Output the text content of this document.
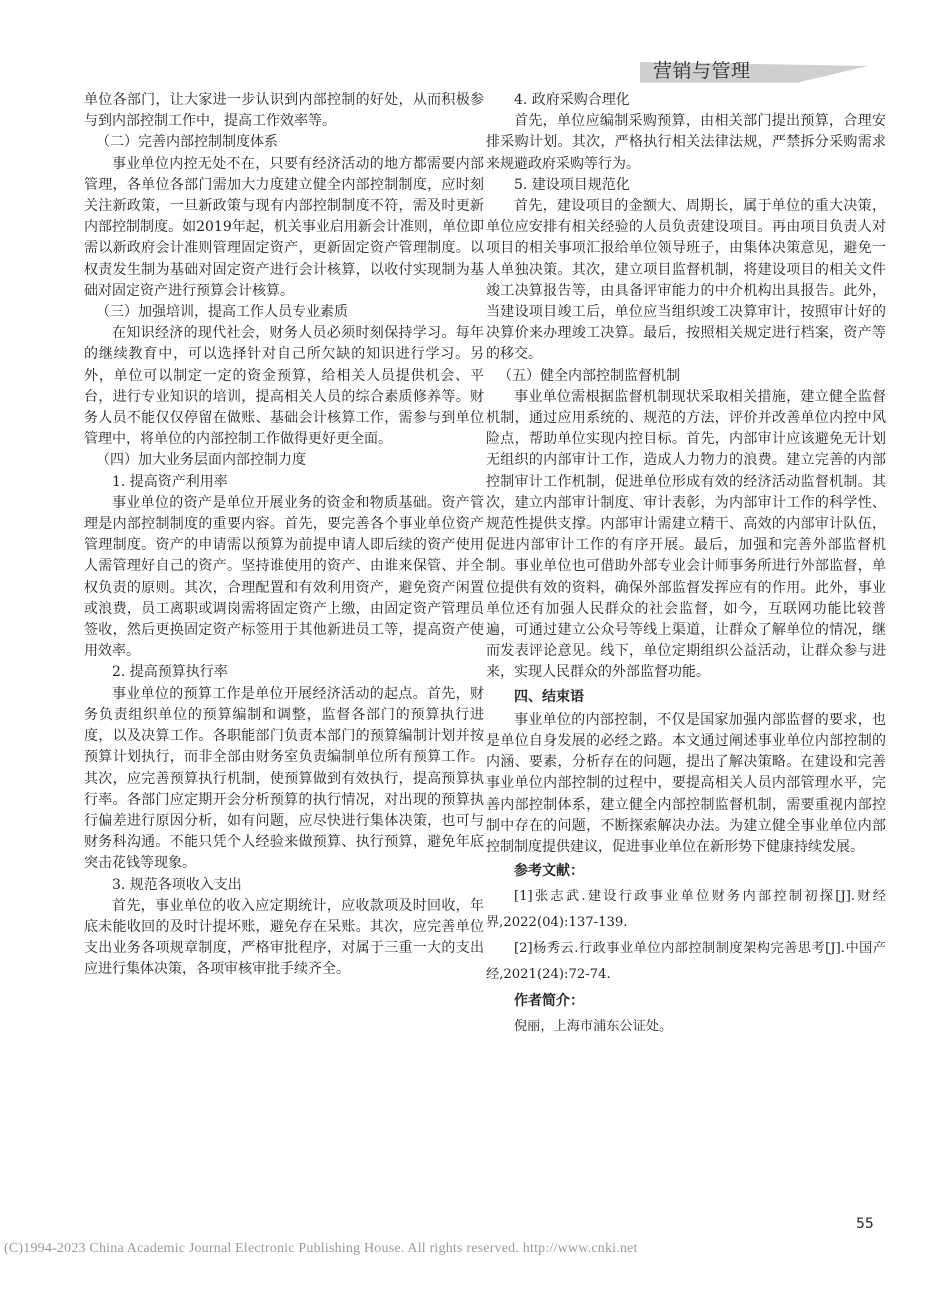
营销与管理

单位各部门，让大家进一步认识到内部控制的好处，从而积极参与到内部控制工作中，提高工作效率等。

（二）完善内部控制制度体系

事业单位内控无处不在，只要有经济活动的地方都需要内部管理，各单位各部门需加大力度建立健全内部控制制度，应时刻关注新政策，一旦新政策与现有内部控制制度不符，需及时更新内部控制制度。如2019年起，机关事业启用新会计准则，单位即需以新政府会计准则管理固定资产，更新固定资产管理制度。以权责发生制为基础对固定资产进行会计核算，以收付实现制为基础对固定资产进行预算会计核算。

（三）加强培训，提高工作人员专业素质

在知识经济的现代社会，财务人员必须时刻保持学习。每年的继续教育中，可以选择针对自己所欠缺的知识进行学习。另外，单位可以制定一定的资金预算，给相关人员提供机会、平台，进行专业知识的培训，提高相关人员的综合素质修养等。财务人员不能仅仅停留在做账、基础会计核算工作，需参与到单位管理中，将单位的内部控制工作做得更好更全面。

（四）加大业务层面内部控制力度

1. 提高资产利用率

事业单位的资产是单位开展业务的资金和物质基础。资产管理是内部控制制度的重要内容。首先，要完善各个事业单位资产管理制度。资产的申请需以预算为前提申请人即后续的资产使用人需管理好自己的资产。坚持谁使用的资产、由谁来保管、并全权负责的原则。其次，合理配置和有效利用资产，避免资产闲置或浪费，员工离职或调岗需将固定资产上缴，由固定资产管理员签收，然后更换固定资产标签用于其他新进员工等，提高资产使用效率。

2. 提高预算执行率

事业单位的预算工作是单位开展经济活动的起点。首先，财务负责组织单位的预算编制和调整，监督各部门的预算执行进度，以及决算工作。各职能部门负责本部门的预算编制计划并按预算计划执行，而非全部由财务室负责编制单位所有预算工作。其次，应完善预算执行机制，使预算做到有效执行，提高预算执行率。各部门应定期开会分析预算的执行情况，对出现的预算执行偏差进行原因分析，如有问题，应尽快进行集体决策，也可与财务科沟通。不能只凭个人经验来做预算、执行预算，避免年底突击花钱等现象。

3. 规范各项收入支出

首先，事业单位的收入应定期统计，应收款项及时回收，年底未能收回的及时计提坏账，避免存在呆账。其次，应完善单位支出业务各项规章制度，严格审批程序，对属于三重一大的支出应进行集体决策，各项审核审批手续齐全。

4. 政府采购合理化

首先，单位应编制采购预算，由相关部门提出预算，合理安排采购计划。其次，严格执行相关法律法规，严禁拆分采购需求来规避政府采购等行为。

5. 建设项目规范化

首先，建设项目的金额大、周期长，属于单位的重大决策，单位应安排有相关经验的人员负责建设项目。再由项目负责人对项目的相关事项汇报给单位领导班子，由集体决策意见，避免一人单独决策。其次，建立项目监督机制，将建设项目的相关文件竣工决算报告等，由具备评审能力的中介机构出具报告。此外，当建设项目竣工后，单位应当组织竣工决算审计，按照审计好的决算价来办理竣工决算。最后，按照相关规定进行档案，资产等的移交。

（五）健全内部控制监督机制

事业单位需根据监督机制现状采取相关措施，建立健全监督机制，通过应用系统的、规范的方法，评价并改善单位内控中风险点，帮助单位实现内控目标。首先，内部审计应该避免无计划无组织的内部审计工作，造成人力物力的浪费。建立完善的内部控制审计工作机制，促进单位形成有效的经济活动监督机制。其次，建立内部审计制度、审计表彰，为内部审计工作的科学性、规范性提供支撑。内部审计需建立精干、高效的内部审计队伍，促进内部审计工作的有序开展。最后，加强和完善外部监督机制。事业单位也可借助外部专业会计师事务所进行外部监督，单位提供有效的资料，确保外部监督发挥应有的作用。此外，事业单位还有加强人民群众的社会监督，如今，互联网功能比较普遍，可通过建立公众号等线上渠道，让群众了解单位的情况，继而发表评论意见。线下，单位定期组织公益活动，让群众参与进来，实现人民群众的外部监督功能。

四、结束语

事业单位的内部控制，不仅是国家加强内部监督的要求，也是单位自身发展的必经之路。本文通过阐述事业单位内部控制的内涵、要素，分析存在的问题，提出了解决策略。在建设和完善事业单位内部控制的过程中，要提高相关人员内部管理水平，完善内部控制体系，建立健全内部控制监督机制，需要重视内部控制中存在的问题，不断探索解决办法。为建立健全事业单位内部控制制度提供建议，促进事业单位在新形势下健康持续发展。

参考文献：

[1]张志武.建设行政事业单位财务内部控制初探[J].财经界,2022(04):137-139.

[2]杨秀云.行政事业单位内部控制制度架构完善思考[J].中国产经,2021(24):72-74.

作者简介：

倪丽，上海市浦东公证处。

55
(C)1994-2023 China Academic Journal Electronic Publishing House. All rights reserved. http://www.cnki.net
